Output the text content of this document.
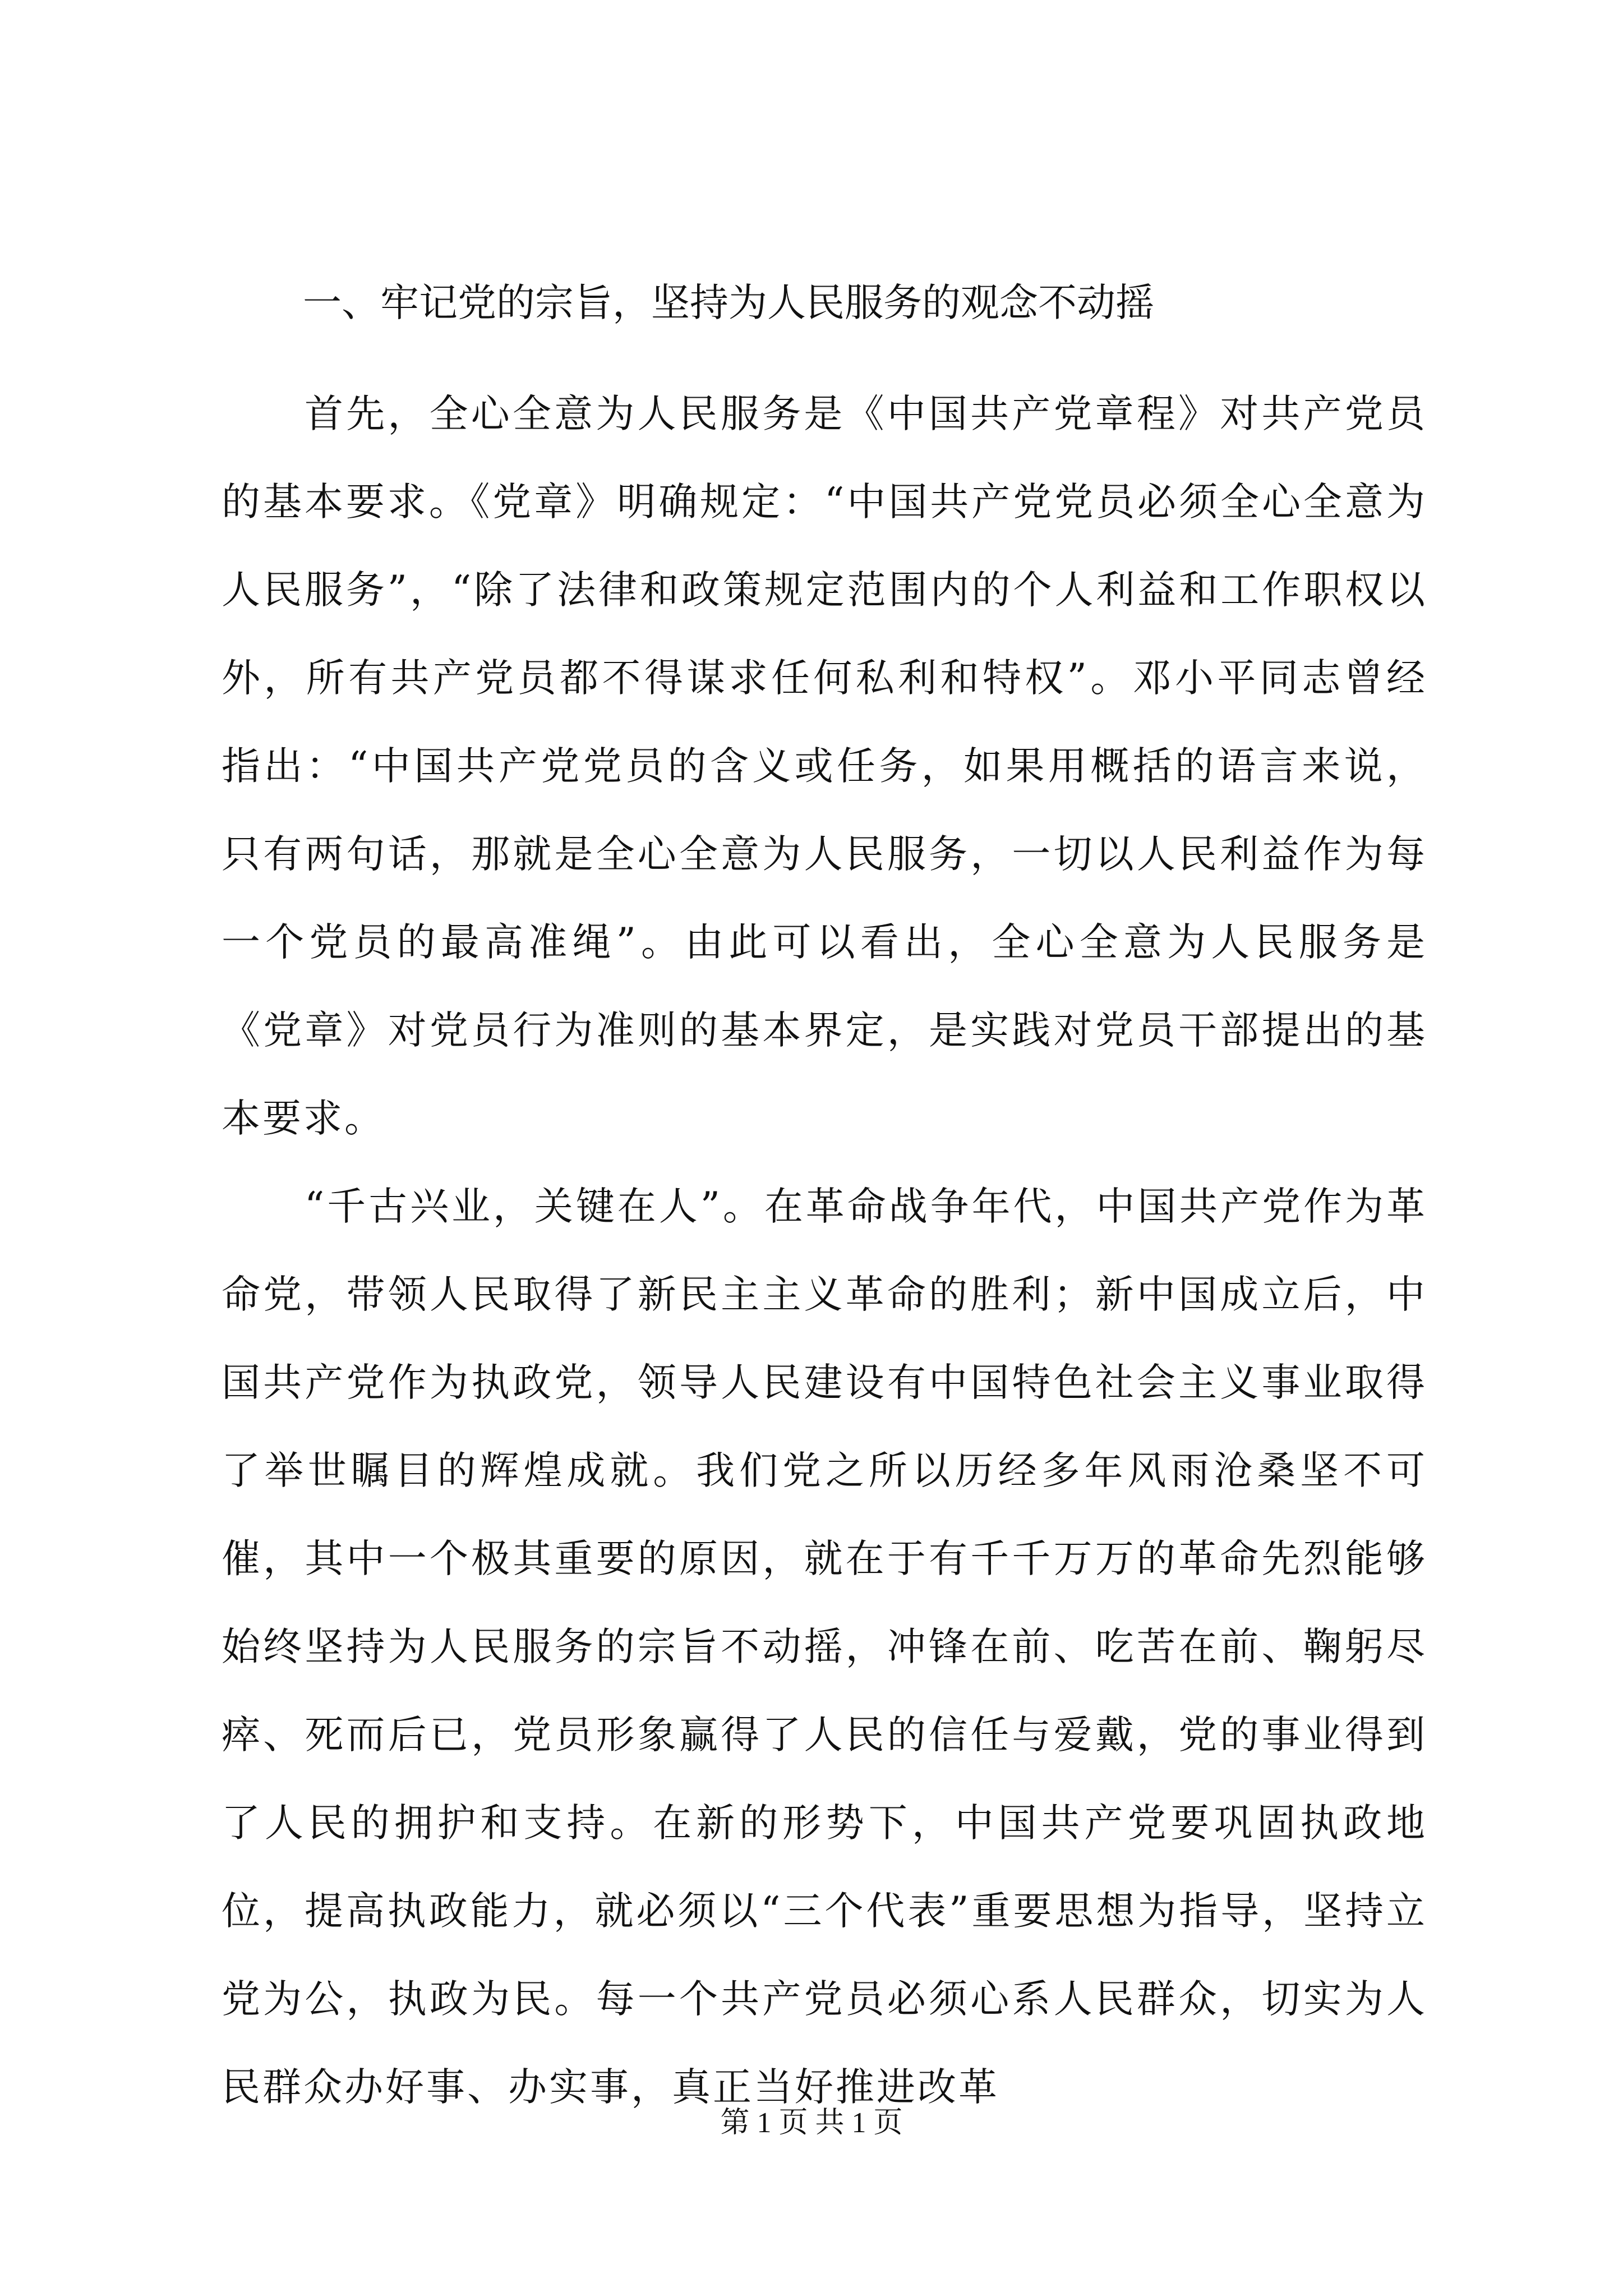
一、牢记党的宗旨，坚持为人民服务的观念不动摇

首先，全心全意为人民服务是《中国共产党章程》对共产党员的基本要求。《党章》明确规定：“中国共产党党员必须全心全意为人民服务”，“除了法律和政策规定范围内的个人利益和工作职权以外，所有共产党员都不得谋求任何私利和特权”。邓小平同志曾经指出：“中国共产党党员的含义或任务，如果用概括的语言来说，只有两句话，那就是全心全意为人民服务，一切以人民利益作为每一个党员的最高准绳”。由此可以看出，全心全意为人民服务是《党章》对党员行为准则的基本界定，是实践对党员干部提出的基本要求。

“千古兴业，关键在人”。在革命战争年代，中国共产党作为革命党，带领人民取得了新民主主义革命的胜利；新中国成立后，中国共产党作为执政党，领导人民建设有中国特色社会主义事业取得了举世瞩目的辉煌成就。我们党之所以历经多年风雨沧桑坚不可催，其中一个极其重要的原因，就在于有千千万万的革命先烈能够始终坚持为人民服务的宗旨不动摇，冲锋在前、吃苦在前、鞠躬尽瘁、死而后已，党员形象赢得了人民的信任与爱戴，党的事业得到了人民的拥护和支持。在新的形势下，中国共产党要巩固执政地位，提高执政能力，就必须以“三个代表”重要思想为指导，坚持立党为公，执政为民。每一个共产党员必须心系人民群众，切实为人民群众办好事、办实事，真正当好推进改革

第 1 页 共 1 页
